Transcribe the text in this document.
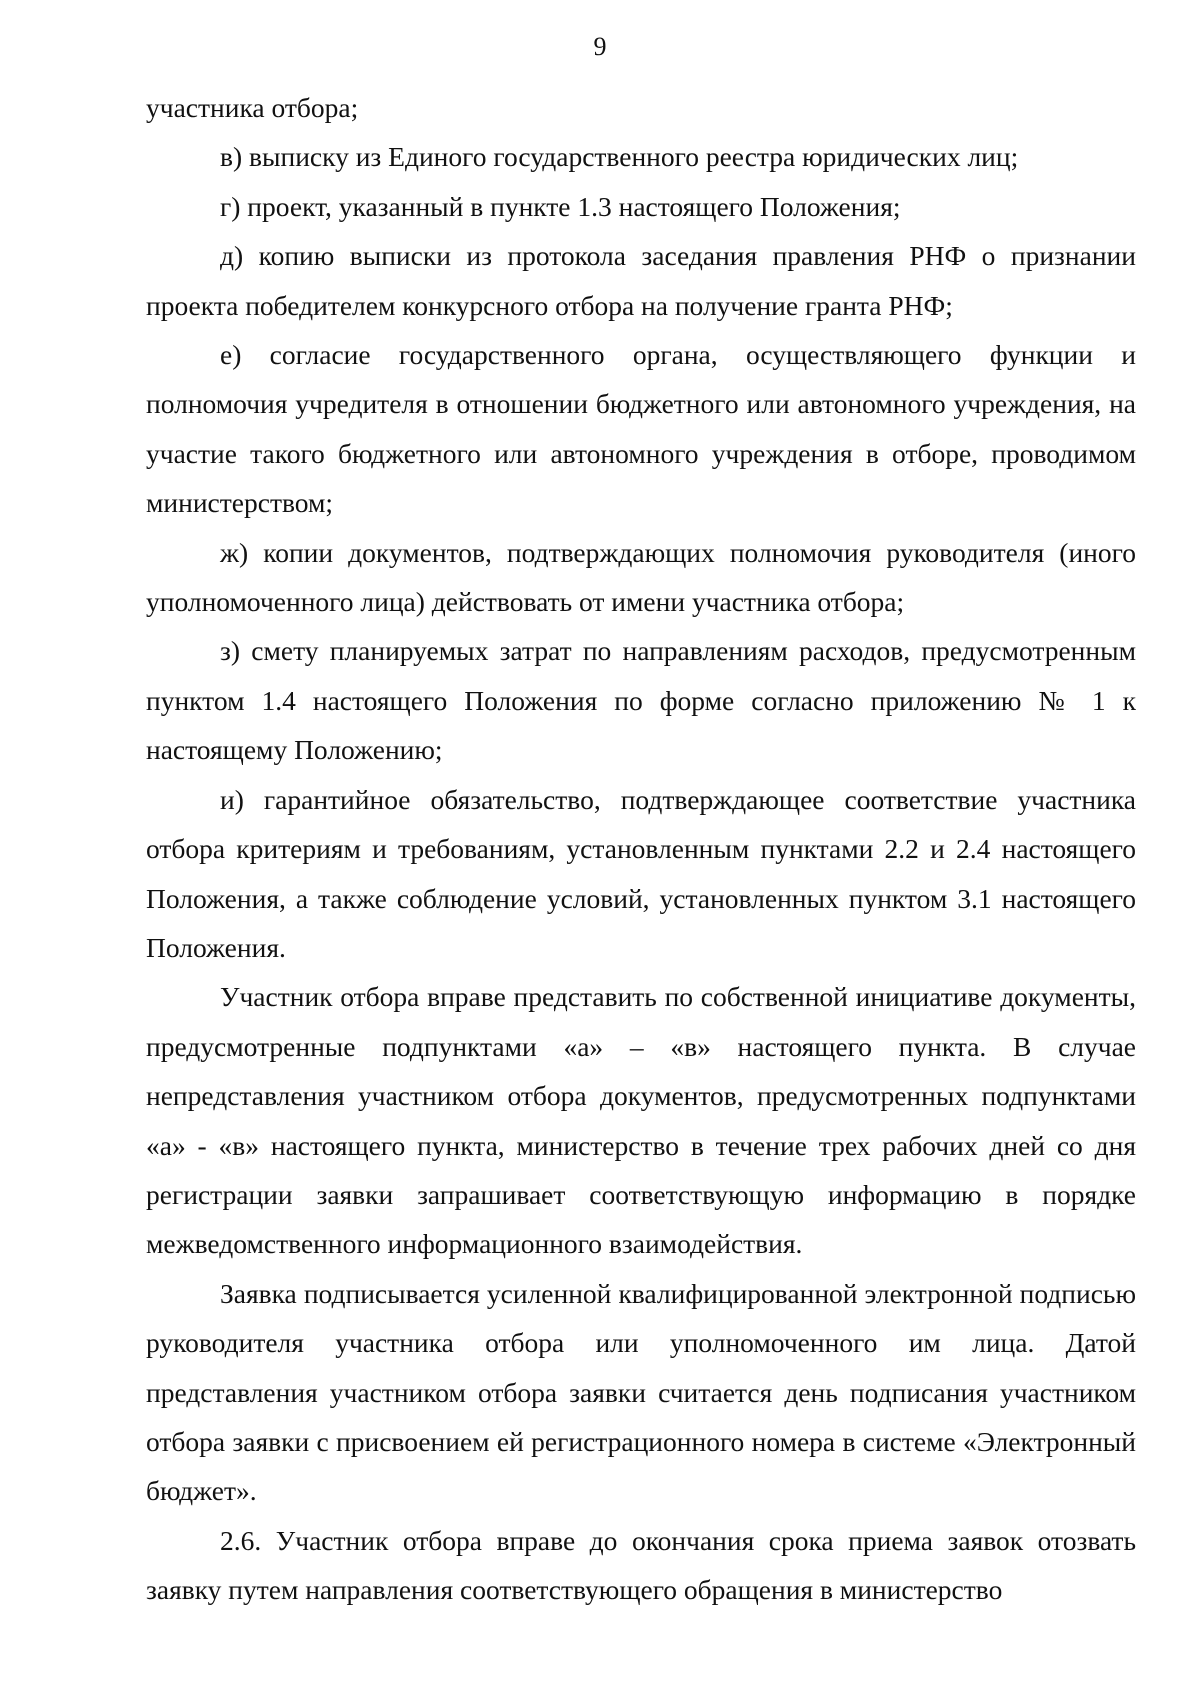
9

участника отбора;

в) выписку из Единого государственного реестра юридических лиц;

г) проект, указанный в пункте 1.3 настоящего Положения;

д) копию выписки из протокола заседания правления РНФ о признании проекта победителем конкурсного отбора на получение гранта РНФ;

е) согласие государственного органа, осуществляющего функции и полномочия учредителя в отношении бюджетного или автономного учреждения, на участие такого бюджетного или автономного учреждения в отборе, проводимом министерством;

ж) копии документов, подтверждающих полномочия руководителя (иного уполномоченного лица) действовать от имени участника отбора;

з) смету планируемых затрат по направлениям расходов, предусмотренным пунктом 1.4 настоящего Положения по форме согласно приложению № 1 к настоящему Положению;

и) гарантийное обязательство, подтверждающее соответствие участника отбора критериям и требованиям, установленным пунктами 2.2 и 2.4 настоящего Положения, а также соблюдение условий, установленных пунктом 3.1 настоящего Положения.

Участник отбора вправе представить по собственной инициативе документы, предусмотренные подпунктами «а» – «в» настоящего пункта. В случае непредставления участником отбора документов, предусмотренных подпунктами «а» - «в» настоящего пункта, министерство в течение трех рабочих дней со дня регистрации заявки запрашивает соответствующую информацию в порядке межведомственного информационного взаимодействия.

Заявка подписывается усиленной квалифицированной электронной подписью руководителя участника отбора или уполномоченного им лица. Датой представления участником отбора заявки считается день подписания участником отбора заявки с присвоением ей регистрационного номера в системе «Электронный бюджет».

2.6. Участник отбора вправе до окончания срока приема заявок отозвать заявку путем направления соответствующего обращения в министерство
